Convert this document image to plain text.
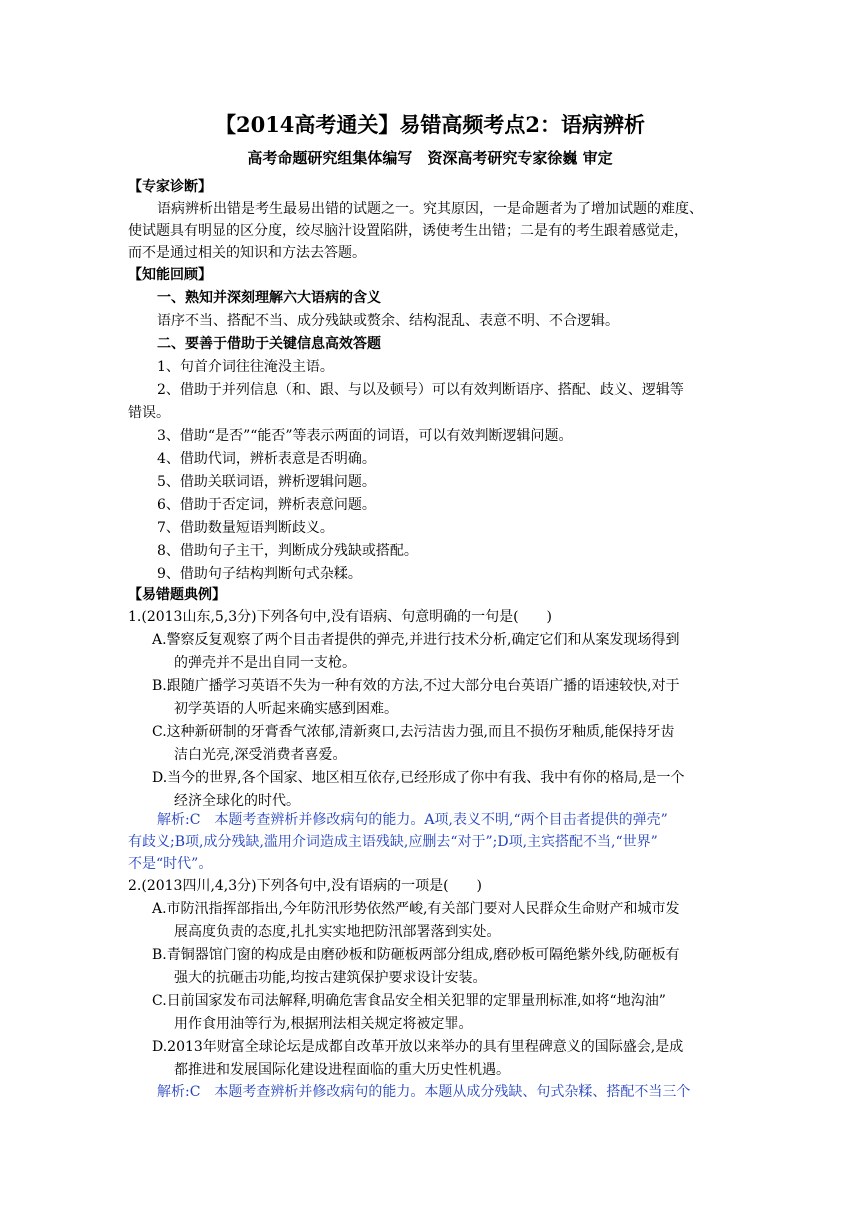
【2014高考通关】易错高频考点2：语病辨析
高考命题研究组集体编写　资深高考研究专家徐巍 审定
【专家诊断】
语病辨析出错是考生最易出错的试题之一。究其原因，一是命题者为了增加试题的难度、
使试题具有明显的区分度，绞尽脑汁设置陷阱，诱使考生出错；二是有的考生跟着感觉走，
而不是通过相关的知识和方法去答题。
【知能回顾】
一、熟知并深刻理解六大语病的含义
语序不当、搭配不当、成分残缺或赘余、结构混乱、表意不明、不合逻辑。
二、要善于借助于关键信息高效答题
1、句首介词往往淹没主语。
2、借助于并列信息（和、跟、与以及顿号）可以有效判断语序、搭配、歧义、逻辑等
错误。
3、借助“是否”“能否”等表示两面的词语，可以有效判断逻辑问题。
4、借助代词，辨析表意是否明确。
5、借助关联词语，辨析逻辑问题。
6、借助于否定词，辨析表意问题。
7、借助数量短语判断歧义。
8、借助句子主干，判断成分残缺或搭配。
9、借助句子结构判断句式杂糅。
【易错题典例】
1.(2013山东,5,3分)下列各句中,没有语病、句意明确的一句是(　　)
A.警察反复观察了两个目击者提供的弹壳,并进行技术分析,确定它们和从案发现场得到
的弹壳并不是出自同一支枪。
B.跟随广播学习英语不失为一种有效的方法,不过大部分电台英语广播的语速较快,对于
初学英语的人听起来确实感到困难。
C.这种新研制的牙膏香气浓郁,清新爽口,去污洁齿力强,而且不损伤牙釉质,能保持牙齿
洁白光亮,深受消费者喜爱。
D.当今的世界,各个国家、地区相互依存,已经形成了你中有我、我中有你的格局,是一个
经济全球化的时代。
解析:C　本题考查辨析并修改病句的能力。A项,表义不明,“两个目击者提供的弹壳”
有歧义;B项,成分残缺,滥用介词造成主语残缺,应删去“对于”;D项,主宾搭配不当,“世界”
不是“时代”。
2.(2013四川,4,3分)下列各句中,没有语病的一项是(　　)
A.市防汛指挥部指出,今年防汛形势依然严峻,有关部门要对人民群众生命财产和城市发
展高度负责的态度,扎扎实实地把防汛部署落到实处。
B.青铜器馆门窗的构成是由磨砂板和防砸板两部分组成,磨砂板可隔绝紫外线,防砸板有
强大的抗砸击功能,均按古建筑保护要求设计安装。
C.日前国家发布司法解释,明确危害食品安全相关犯罪的定罪量刑标准,如将“地沟油”
用作食用油等行为,根据刑法相关规定将被定罪。
D.2013年财富全球论坛是成都自改革开放以来举办的具有里程碑意义的国际盛会,是成
都推进和发展国际化建设进程面临的重大历史性机遇。
解析:C　本题考查辨析并修改病句的能力。本题从成分残缺、句式杂糅、搭配不当三个
